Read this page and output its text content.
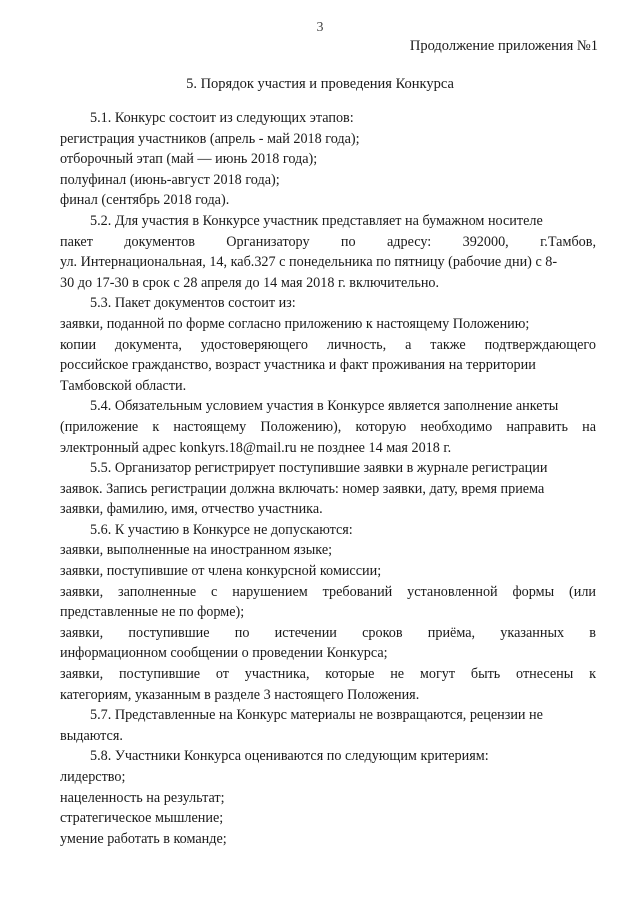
3
Продолжение приложения №1
5. Порядок участия и проведения Конкурса
5.1. Конкурс состоит из следующих этапов:
регистрация участников (апрель - май 2018 года);
отборочный этап (май — июнь 2018 года);
полуфинал (июнь-август 2018 года);
финал (сентябрь 2018 года).
5.2. Для участия в Конкурсе участник представляет на бумажном носителе
пакет документов Организатору по адресу: 392000, г.Тамбов,
ул. Интернациональная, 14, каб.327 с понедельника по пятницу (рабочие дни) с 8-
30 до 17-30 в срок с 28 апреля до 14 мая 2018 г. включительно.
5.3. Пакет документов состоит из:
заявки, поданной по форме согласно приложению к настоящему Положению;
копии документа, удостоверяющего личность, а также подтверждающего
российское гражданство, возраст участника и факт проживания на территории
Тамбовской области.
5.4. Обязательным условием участия в Конкурсе является заполнение анкеты
(приложение к настоящему Положению), которую необходимо направить на
электронный адрес konkyrs.18@mail.ru не позднее 14 мая 2018 г.
5.5. Организатор регистрирует поступившие заявки в журнале регистрации
заявок. Запись регистрации должна включать: номер заявки, дату, время приема
заявки, фамилию, имя, отчество участника.
5.6. К участию в Конкурсе не допускаются:
заявки, выполненные на иностранном языке;
заявки, поступившие от члена конкурсной комиссии;
заявки, заполненные с нарушением требований установленной формы (или
представленные не по форме);
заявки, поступившие по истечении сроков приёма, указанных в
информационном сообщении о проведении Конкурса;
заявки, поступившие от участника, которые не могут быть отнесены к
категориям, указанным в разделе 3 настоящего Положения.
5.7. Представленные на Конкурс материалы не возвращаются, рецензии не
выдаются.
5.8. Участники Конкурса оцениваются по следующим критериям:
лидерство;
нацеленность на результат;
стратегическое мышление;
умение работать в команде;
